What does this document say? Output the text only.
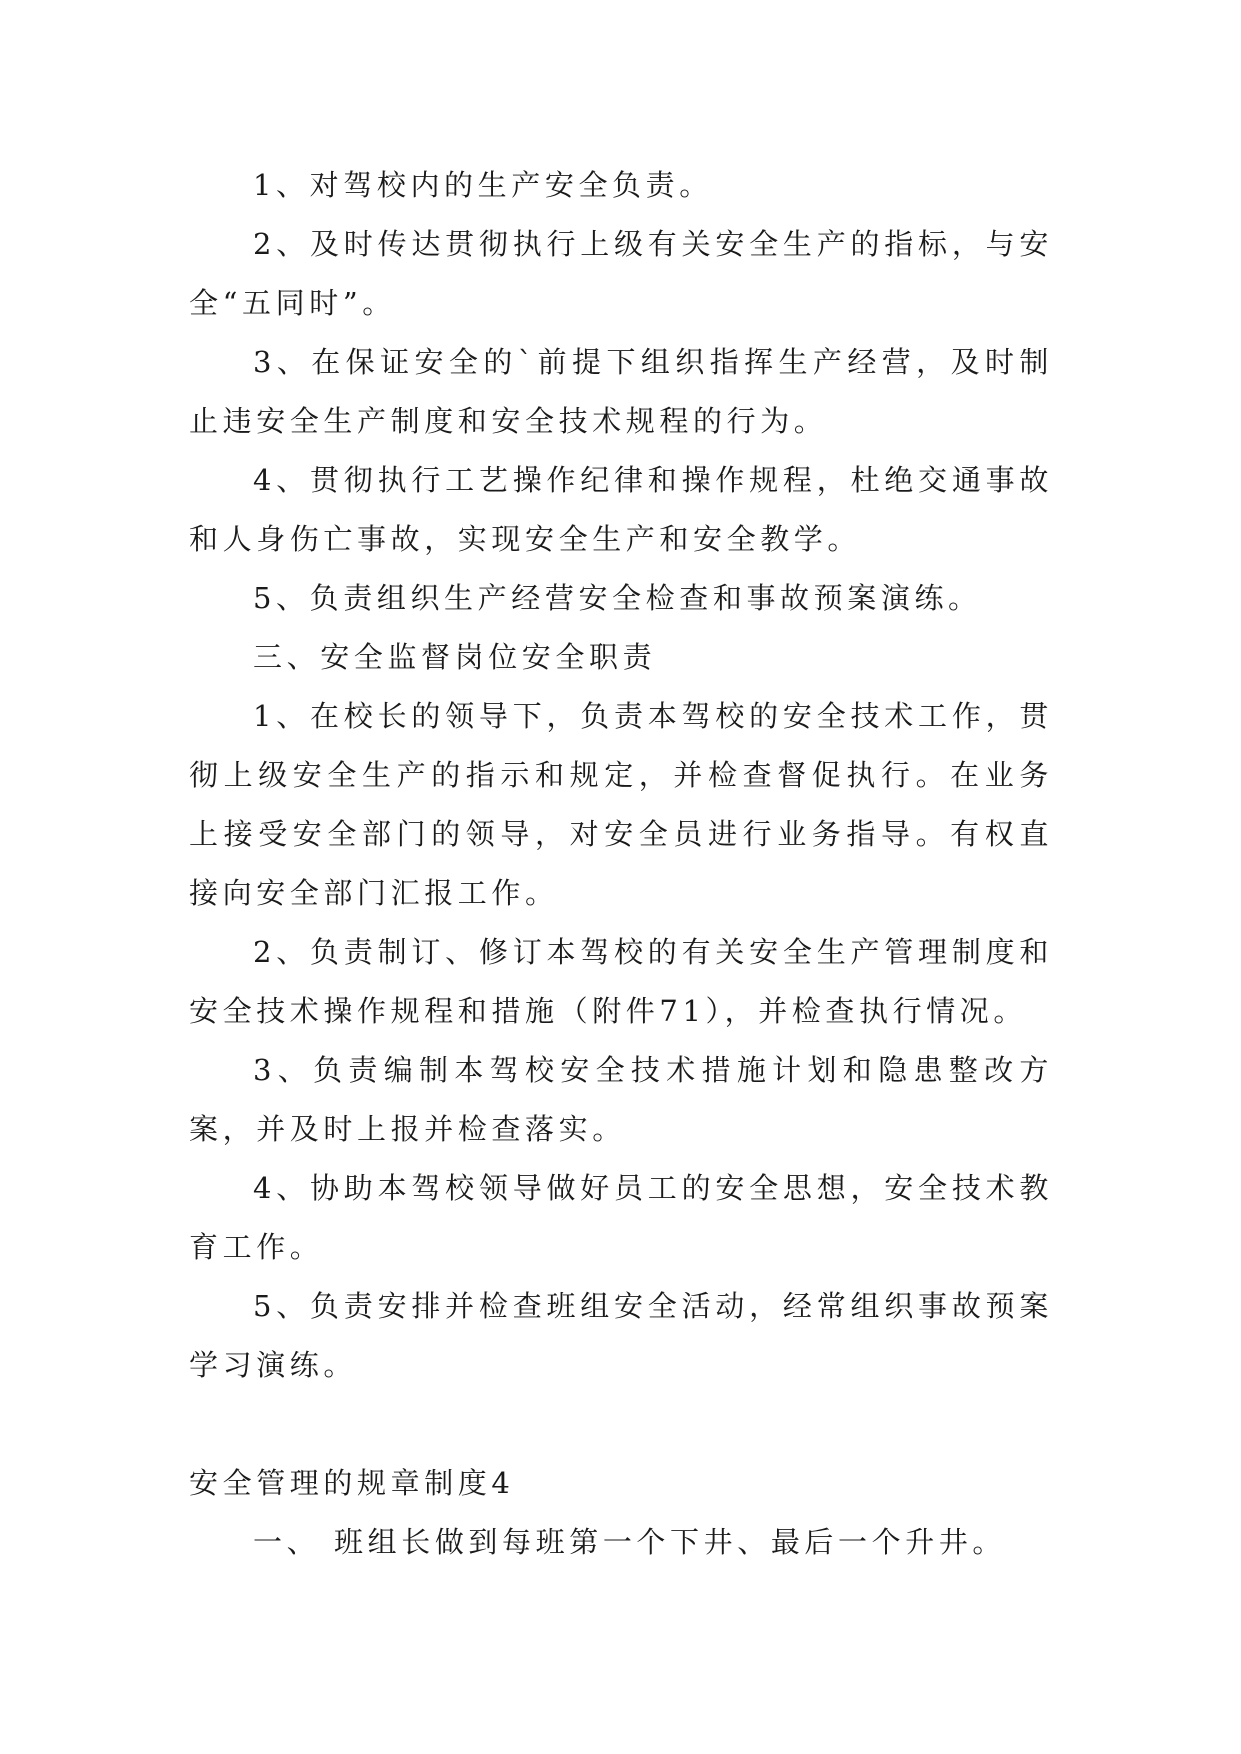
1、对驾校内的生产安全负责。

2、及时传达贯彻执行上级有关安全生产的指标，与安全“五同时”。

3、在保证安全的`前提下组织指挥生产经营，及时制止违安全生产制度和安全技术规程的行为。

4、贯彻执行工艺操作纪律和操作规程，杜绝交通事故和人身伤亡事故，实现安全生产和安全教学。

5、负责组织生产经营安全检查和事故预案演练。

三、安全监督岗位安全职责

1、在校长的领导下，负责本驾校的安全技术工作，贯彻上级安全生产的指示和规定，并检查督促执行。在业务上接受安全部门的领导，对安全员进行业务指导。有权直接向安全部门汇报工作。

2、负责制订、修订本驾校的有关安全生产管理制度和安全技术操作规程和措施（附件71），并检查执行情况。

3、负责编制本驾校安全技术措施计划和隐患整改方案，并及时上报并检查落实。

4、协助本驾校领导做好员工的安全思想，安全技术教育工作。

5、负责安排并检查班组安全活动，经常组织事故预案学习演练。

安全管理的规章制度4

一、 班组长做到每班第一个下井、最后一个升井。
